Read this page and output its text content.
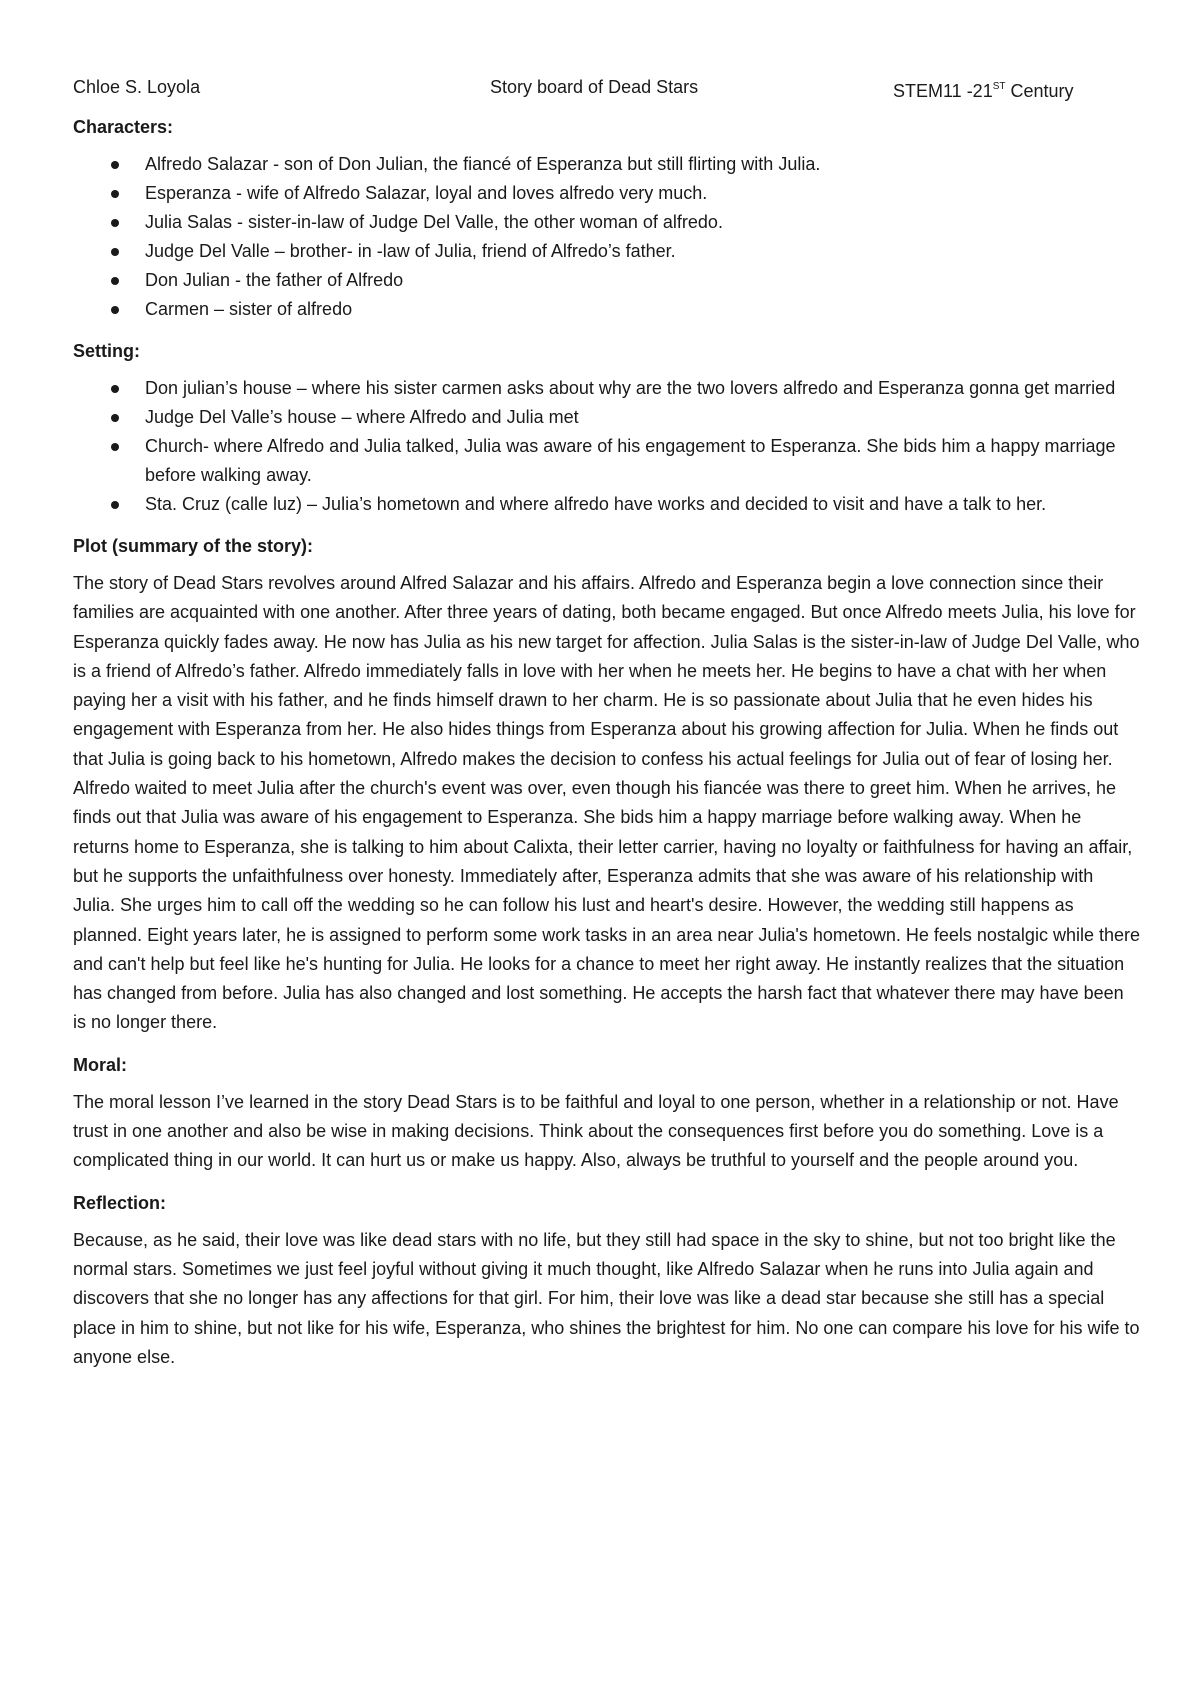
Chloe S. Loyola	Story board of Dead Stars	STEM11 -21ST Century
Characters:
Alfredo Salazar - son of Don Julian, the fiancé of Esperanza but still flirting with Julia.
Esperanza - wife of Alfredo Salazar, loyal and loves alfredo very much.
Julia Salas - sister-in-law of Judge Del Valle, the other woman of alfredo.
Judge Del Valle – brother- in -law of Julia, friend of Alfredo’s father.
Don Julian - the father of Alfredo
Carmen – sister of alfredo
Setting:
Don julian’s house – where his sister carmen asks about why are the two lovers alfredo and Esperanza gonna get married
Judge Del Valle’s house – where Alfredo and Julia met
Church- where Alfredo and Julia talked, Julia was aware of his engagement to Esperanza. She bids him a happy marriage before walking away.
Sta. Cruz (calle luz) – Julia’s hometown and where alfredo have works and decided to visit and have a talk to her.
Plot (summary of the story):

The story of Dead Stars revolves around Alfred Salazar and his affairs. Alfredo and Esperanza begin a love connection since their families are acquainted with one another. After three years of dating, both became engaged. But once Alfredo meets Julia, his love for Esperanza quickly fades away. He now has Julia as his new target for affection. Julia Salas is the sister-in-law of Judge Del Valle, who is a friend of Alfredo’s father. Alfredo immediately falls in love with her when he meets her. He begins to have a chat with her when paying her a visit with his father, and he finds himself drawn to her charm. He is so passionate about Julia that he even hides his engagement with Esperanza from her. He also hides things from Esperanza about his growing affection for Julia. When he finds out that Julia is going back to his hometown, Alfredo makes the decision to confess his actual feelings for Julia out of fear of losing her. Alfredo waited to meet Julia after the church's event was over, even though his fiancée was there to greet him. When he arrives, he finds out that Julia was aware of his engagement to Esperanza. She bids him a happy marriage before walking away. When he returns home to Esperanza, she is talking to him about Calixta, their letter carrier, having no loyalty or faithfulness for having an affair, but he supports the unfaithfulness over honesty. Immediately after, Esperanza admits that she was aware of his relationship with Julia. She urges him to call off the wedding so he can follow his lust and heart's desire. However, the wedding still happens as planned. Eight years later, he is assigned to perform some work tasks in an area near Julia's hometown. He feels nostalgic while there and can't help but feel like he's hunting for Julia. He looks for a chance to meet her right away. He instantly realizes that the situation has changed from before. Julia has also changed and lost something. He accepts the harsh fact that whatever there may have been is no longer there.

Moral:

The moral lesson I’ve learned in the story Dead Stars is to be faithful and loyal to one person, whether in a relationship or not. Have trust in one another and also be wise in making decisions. Think about the consequences first before you do something. Love is a complicated thing in our world. It can hurt us or make us happy. Also, always be truthful to yourself and the people around you.

Reflection:

Because, as he said, their love was like dead stars with no life, but they still had space in the sky to shine, but not too bright like the normal stars. Sometimes we just feel joyful without giving it much thought, like Alfredo Salazar when he runs into Julia again and discovers that she no longer has any affections for that girl. For him, their love was like a dead star because she still has a special place in him to shine, but not like for his wife, Esperanza, who shines the brightest for him. No one can compare his love for his wife to anyone else.
